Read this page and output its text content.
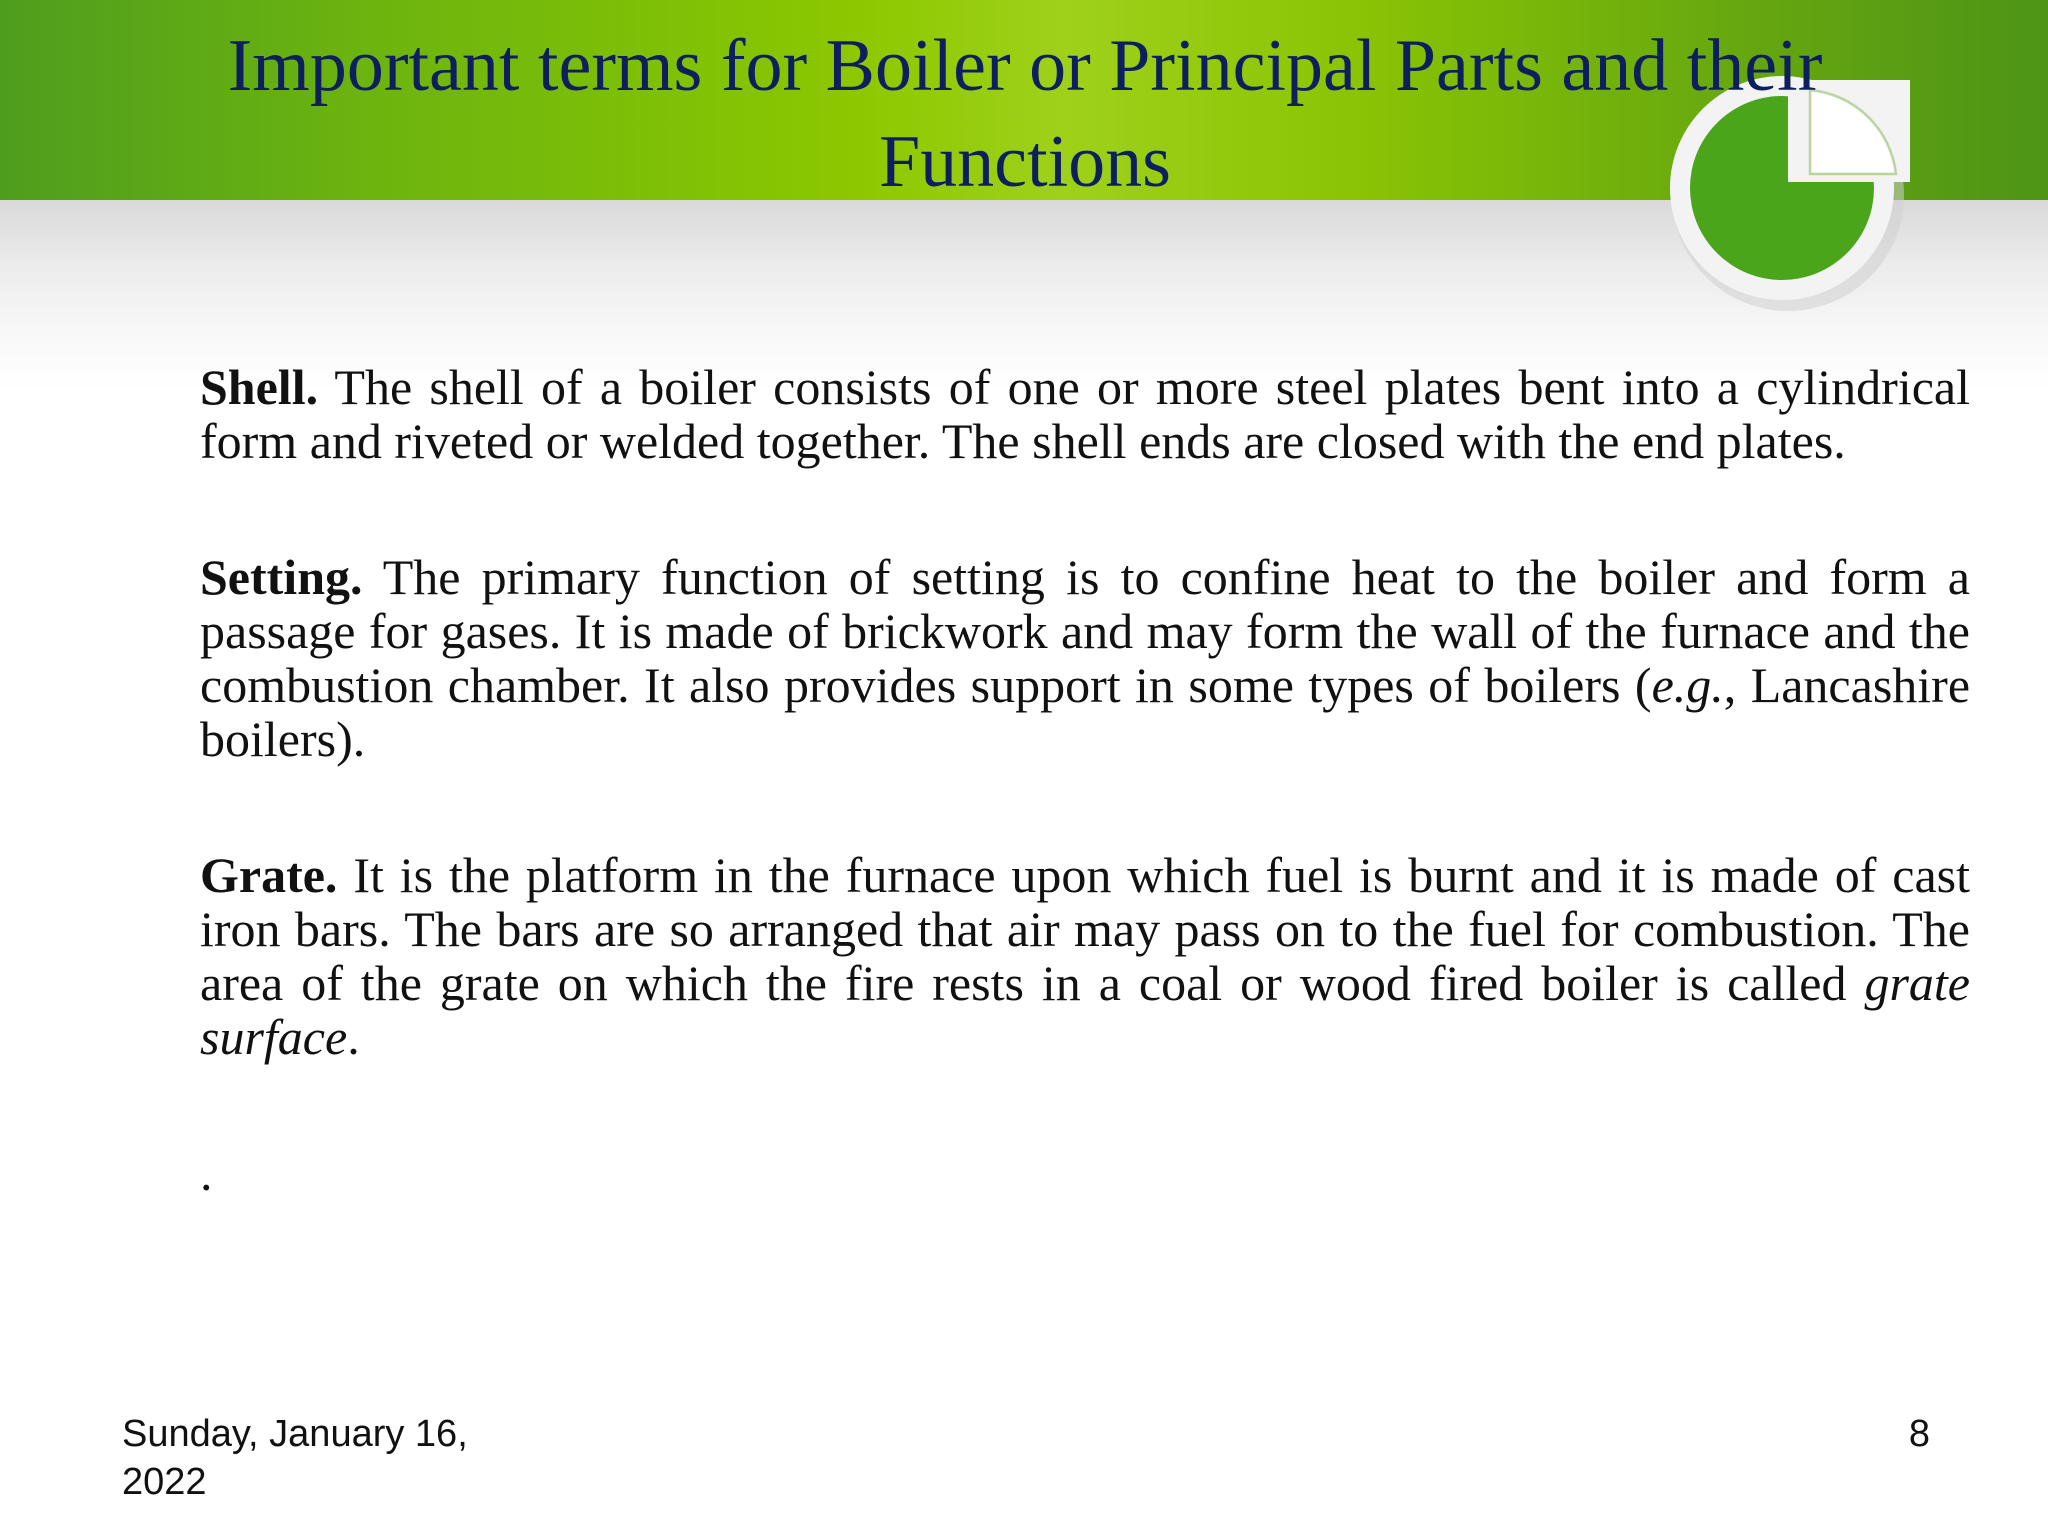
Important terms for Boiler or Principal Parts and their Functions

Shell. The shell of a boiler consists of one or more steel plates bent into a cylindrical form and riveted or welded together. The shell ends are closed with the end plates.

Setting. The primary function of setting is to confine heat to the boiler and form a passage for gases. It is made of brickwork and may form the wall of the furnace and the combustion chamber. It also provides support in some types of boilers (e.g., Lancashire boilers).

Grate. It is the platform in the furnace upon which fuel is burnt and it is made of cast iron bars. The bars are so arranged that air may pass on to the fuel for combustion. The area of the grate on which the fire rests in a coal or wood fired boiler is called grate surface.

.
Sunday, January 16, 2022
8
